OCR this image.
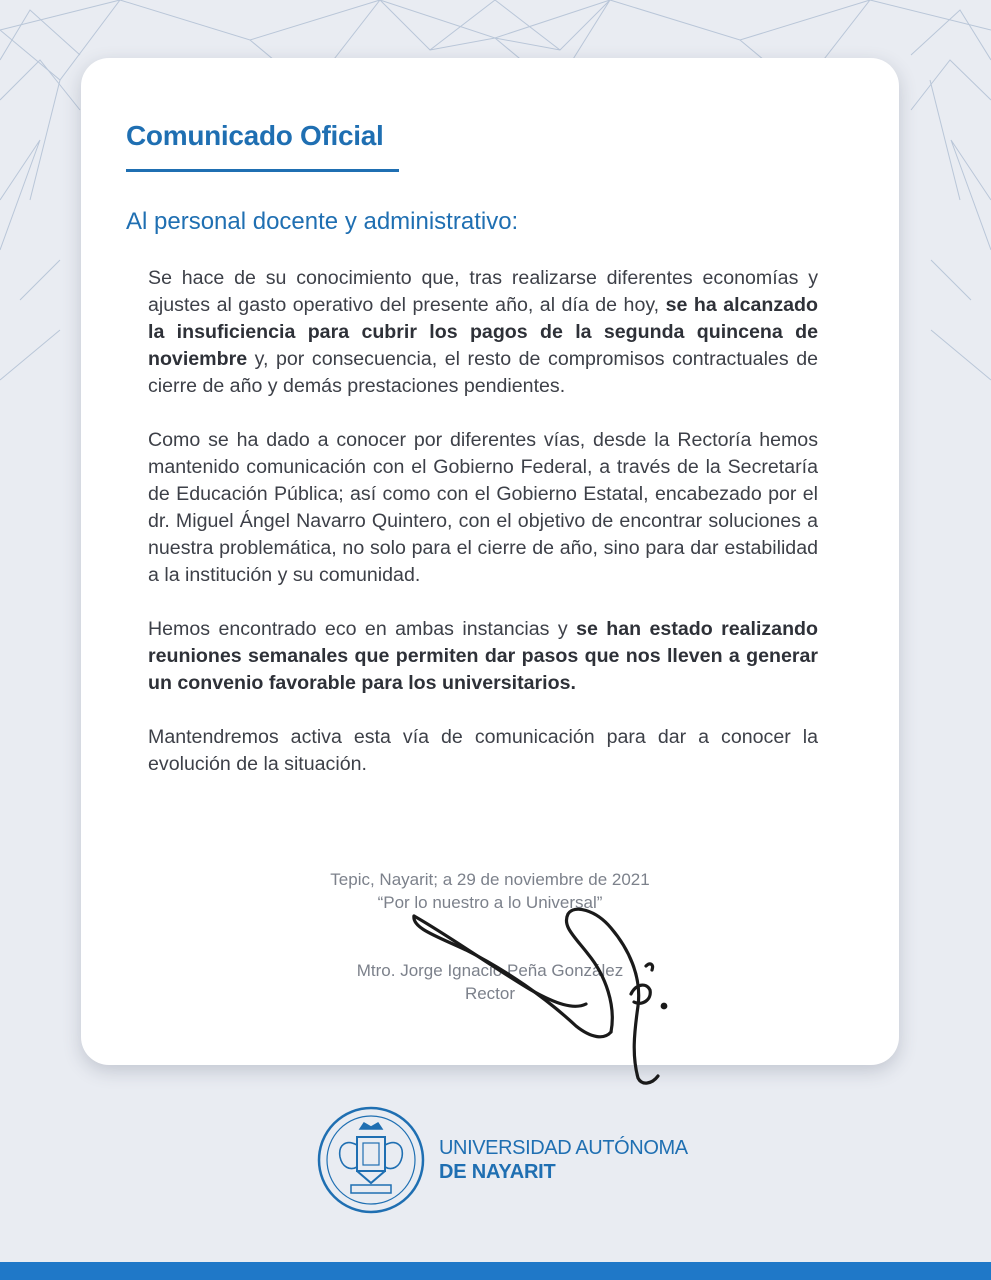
Comunicado Oficial
Al personal docente y administrativo:

Se hace de su conocimiento que, tras realizarse diferentes economías y ajustes al gasto operativo del presente año, al día de hoy, se ha alcanzado la insuficiencia para cubrir los pagos de la segunda quincena de noviembre y, por consecuencia, el resto de compromisos contractuales de cierre de año y demás prestaciones pendientes.

Como se ha dado a conocer por diferentes vías, desde la Rectoría hemos mantenido comunicación con el Gobierno Federal, a través de la Secretaría de Educación Pública; así como con el Gobierno Estatal, encabezado por el dr. Miguel Ángel Navarro Quintero, con el objetivo de encontrar soluciones a nuestra problemática, no solo para el cierre de año, sino para dar estabilidad a la institución y su comunidad.

Hemos encontrado eco en ambas instancias y se han estado realizando reuniones semanales que permiten dar pasos que nos lleven a generar un convenio favorable para los universitarios.

Mantendremos activa esta vía de comunicación para dar a conocer la evolución de la situación.

Tepic, Nayarit; a 29 de noviembre de 2021
“Por lo nuestro a lo Universal”
Mtro. Jorge Ignacio Peña González
Rector
UNIVERSIDAD AUTÓNOMA
DE NAYARIT
